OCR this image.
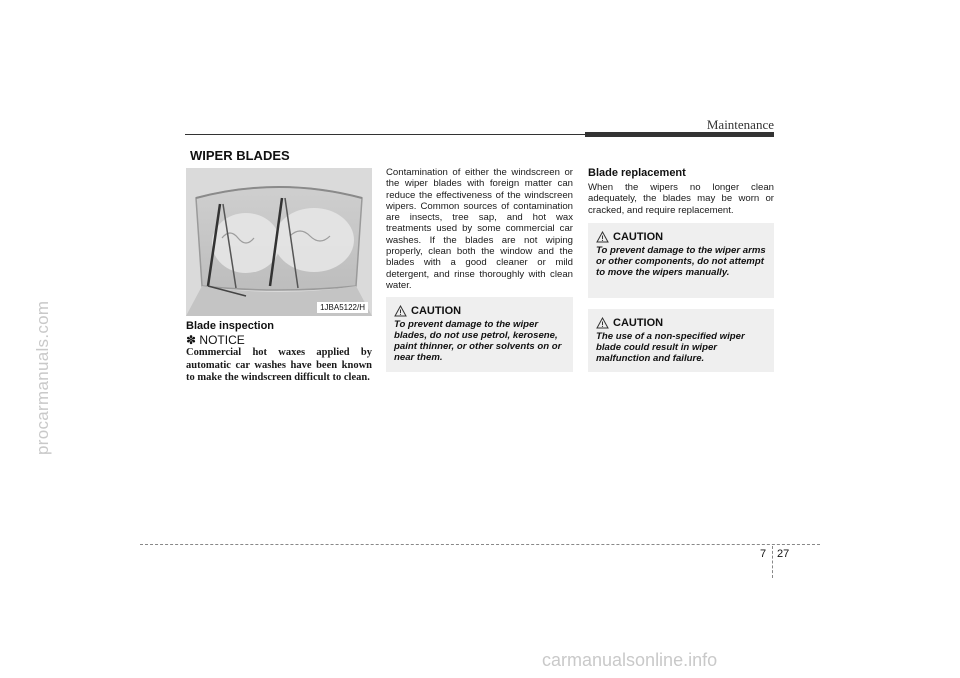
procarmanuals.com
carmanualsonline.info
Maintenance
WIPER BLADES
1JBA5122/H
Blade inspection
✽ NOTICE
Commercial hot waxes applied by automatic car washes have been known to make the windscreen difficult to clean.
Contamination of either the windscreen or the wiper blades with foreign matter can reduce the effectiveness of the windscreen wipers. Common sources of contamination are insects, tree sap, and hot wax treatments used by some commercial car washes. If the blades are not wiping properly, clean both the window and the blades with a good cleaner or mild detergent, and rinse thoroughly with clean water.
CAUTION
To prevent damage to the wiper blades, do not use petrol, kerosene, paint thinner, or other solvents on or near them.
Blade replacement
When the wipers no longer clean adequately, the blades may be worn or cracked, and require replacement.
CAUTION
To prevent damage to the wiper arms or other components, do not attempt to move the wipers manually.
CAUTION
The use of a non-specified wiper blade could result in wiper malfunction and failure.
7 27
